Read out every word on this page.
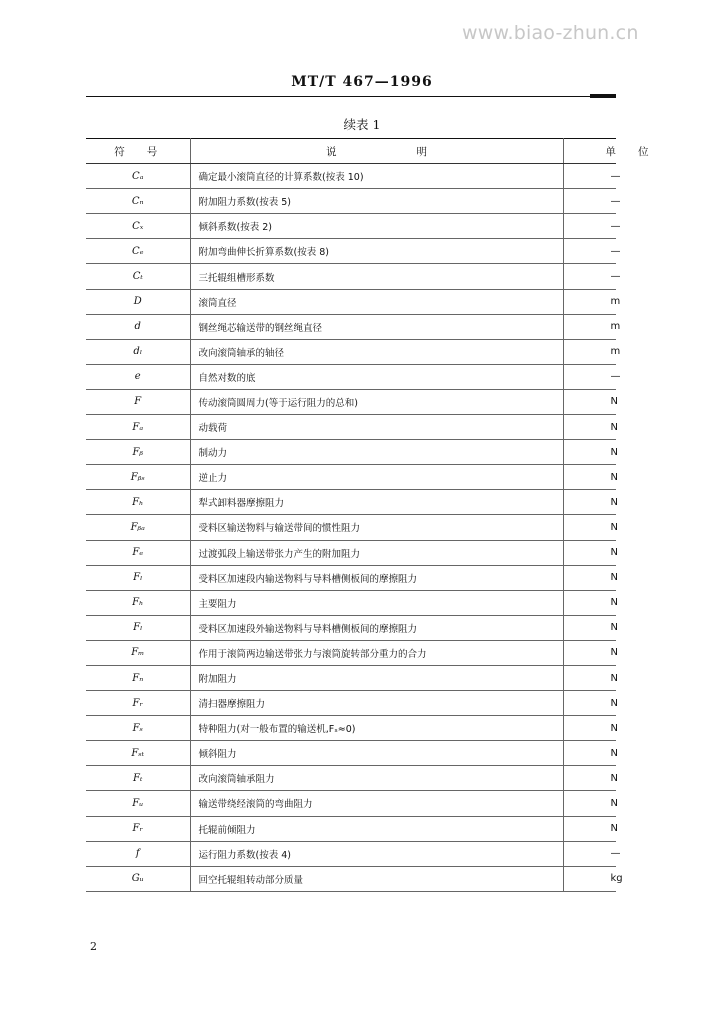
www.biao-zhun.cn
MT/T 467—1996
续表 1
符号	说明	单位
Cₐ	确定最小滚筒直径的计算系数(按表 10)	—
Cₙ	附加阻力系数(按表 5)	—
Cₓ	倾斜系数(按表 2)	—
Cₑ	附加弯曲伸长折算系数(按表 8)	—
Cₜ	三托辊组槽形系数	—
D	滚筒直径	m
d	钢丝绳芯输送带的钢丝绳直径	m
dₗ	改向滚筒轴承的轴径	m
e	自然对数的底	—
F	传动滚筒圆周力(等于运行阻力的总和)	N
Fₐ	动载荷	N
Fᵦ	制动力	N
Fᵦₛ	逆止力	N
Fₕ	犁式卸料器摩擦阻力	N
Fᵦₐ	受料区输送物料与输送带间的惯性阻力	N
Fₑ	过渡弧段上输送带张力产生的附加阻力	N
Fₗ	受料区加速段内输送物料与导料槽侧板间的摩擦阻力	N
Fₕ	主要阻力	N
Fₗ	受料区加速段外输送物料与导料槽侧板间的摩擦阻力	N
Fₘ	作用于滚筒两边输送带张力与滚筒旋转部分重力的合力	N
Fₙ	附加阻力	N
Fᵣ	清扫器摩擦阻力	N
Fₛ	特种阻力(对一般布置的输送机,Fₛ≈0)	N
Fₛₜ	倾斜阻力	N
Fₜ	改向滚筒轴承阻力	N
Fᵤ	输送带绕经滚筒的弯曲阻力	N
Fᵣ	托辊前倾阻力	N
f	运行阻力系数(按表 4)	—
Gᵤ	回空托辊组转动部分质量	kg
2
